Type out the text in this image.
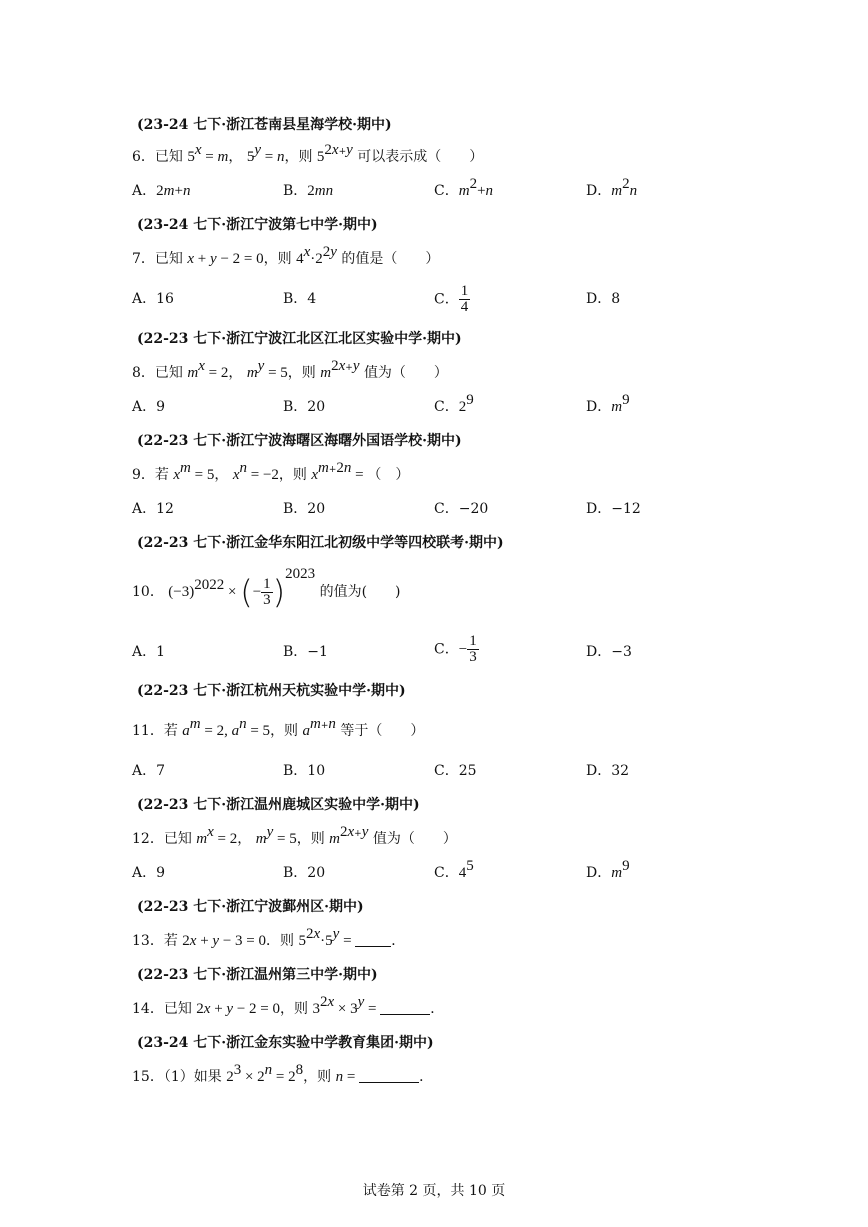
(23-24 七下·浙江苍南县星海学校·期中)
6．已知 $5^x = m$， $5^y = n$，则 $5^{2x+y}$ 可以表示成（　　）
A．2m+n	B．2mn	C．$m^2+n$	D．$m^2n$
(23-24 七下·浙江宁波第七中学·期中)
7．已知 x + y − 2 = 0，则 $4^x\cdot 2^{2y}$ 的值是（　　）
A．16	B．4	C． $\frac{1}{4}$	D．8
(22-23 七下·浙江宁波江北区江北区实验中学·期中)
8．已知 $m^x = 2$， $m^y = 5$，则 $m^{2x+y}$ 值为（　　）
A．9	B．20	C．$2^9$	D．$m^9$
(22-23 七下·浙江宁波海曙区海曙外国语学校·期中)
9．若 $x^m = 5$， $x^n = -2$，则 $x^{m+2n}$ = （　）
A．12	B．20	C．−20	D．−12
(22-23 七下·浙江金华东阳江北初级中学等四校联考·期中)
10． $(-3)^{2022}$ × (− $\frac{1}{3} )^{2023}$ 的值为(　　)
A．1	B．−1	C．− $\frac{1}{3}$	D．−3
(22-23 七下·浙江杭州天杭实验中学·期中)
11．若 $a^m = 2$, $a^n = 5$，则 $a^{m+n}$ 等于（　　）
A．7	B．10	C．25	D．32
(22-23 七下·浙江温州鹿城区实验中学·期中)
12．已知 $m^x = 2$， $m^y = 5$，则 $m^{2x+y}$ 值为（　　）
A．9	B．20	C．$4^5$	D．$m^9$
(22-23 七下·浙江宁波鄞州区·期中)
13．若 2x + y − 3 = 0．则 $5^{2x}\cdot 5^y$ =	．
(22-23 七下·浙江温州第三中学·期中)
14．已知 2x + y − 2 = 0，则 $3^{2x} \times 3^y$ =	．
(23-24 七下·浙江金东实验中学教育集团·期中)
15．（1）如果 $2^3 \times 2^n = 2^8$，则 n =	．
试卷第 2 页，共 10 页
